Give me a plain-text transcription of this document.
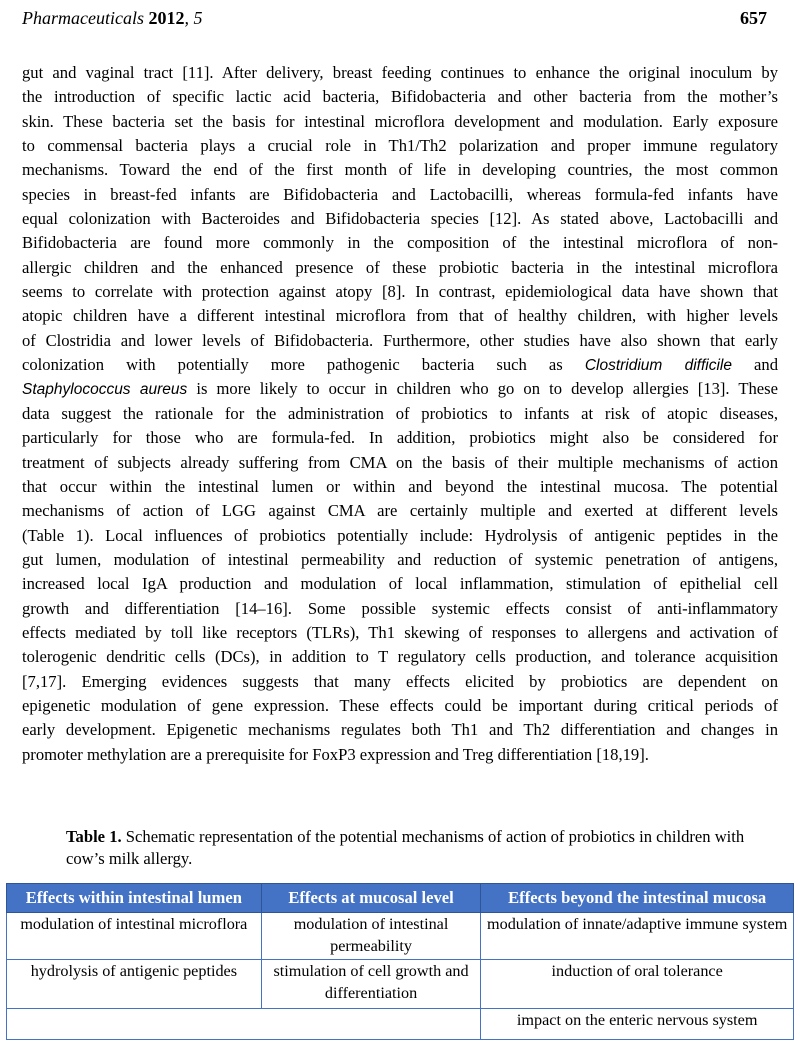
Pharmaceuticals 2012, 5	657
gut and vaginal tract [11]. After delivery, breast feeding continues to enhance the original inoculum by
the introduction of specific lactic acid bacteria, Bifidobacteria and other bacteria from the mother’s
skin. These bacteria set the basis for intestinal microflora development and modulation. Early exposure
to commensal bacteria plays a crucial role in Th1/Th2 polarization and proper immune regulatory
mechanisms. Toward the end of the first month of life in developing countries, the most common
species in breast-fed infants are Bifidobacteria and Lactobacilli, whereas formula-fed infants have
equal colonization with Bacteroides and Bifidobacteria species [12]. As stated above, Lactobacilli and
Bifidobacteria are found more commonly in the composition of the intestinal microflora of non-
allergic children and the enhanced presence of these probiotic bacteria in the intestinal microflora
seems to correlate with protection against atopy [8]. In contrast, epidemiological data have shown that
atopic children have a different intestinal microflora from that of healthy children, with higher levels
of Clostridia and lower levels of Bifidobacteria. Furthermore, other studies have also shown that early
colonization with potentially more pathogenic bacteria such as Clostridium difficile and
Staphylococcus aureus is more likely to occur in children who go on to develop allergies [13]. These
data suggest the rationale for the administration of probiotics to infants at risk of atopic diseases,
particularly for those who are formula-fed. In addition, probiotics might also be considered for
treatment of subjects already suffering from CMA on the basis of their multiple mechanisms of action
that occur within the intestinal lumen or within and beyond the intestinal mucosa. The potential
mechanisms of action of LGG against CMA are certainly multiple and exerted at different levels
(Table 1). Local influences of probiotics potentially include: Hydrolysis of antigenic peptides in the
gut lumen, modulation of intestinal permeability and reduction of systemic penetration of antigens,
increased local IgA production and modulation of local inflammation, stimulation of epithelial cell
growth and differentiation [14–16]. Some possible systemic effects consist of anti-inflammatory
effects mediated by toll like receptors (TLRs), Th1 skewing of responses to allergens and activation of
tolerogenic dendritic cells (DCs), in addition to T regulatory cells production, and tolerance acquisition
[7,17]. Emerging evidences suggests that many effects elicited by probiotics are dependent on
epigenetic modulation of gene expression. These effects could be important during critical periods of
early development. Epigenetic mechanisms regulates both Th1 and Th2 differentiation and changes in
promoter methylation are a prerequisite for FoxP3 expression and Treg differentiation [18,19].
Table 1. Schematic representation of the potential mechanisms of action of probiotics in children with cow’s milk allergy.
Effects within intestinal lumen	Effects at mucosal level	Effects beyond the intestinal mucosa
modulation of intestinal microflora	modulation of intestinal permeability	modulation of innate/adaptive immune system
hydrolysis of antigenic peptides	stimulation of cell growth and differentiation	induction of oral tolerance
		impact on the enteric nervous system
